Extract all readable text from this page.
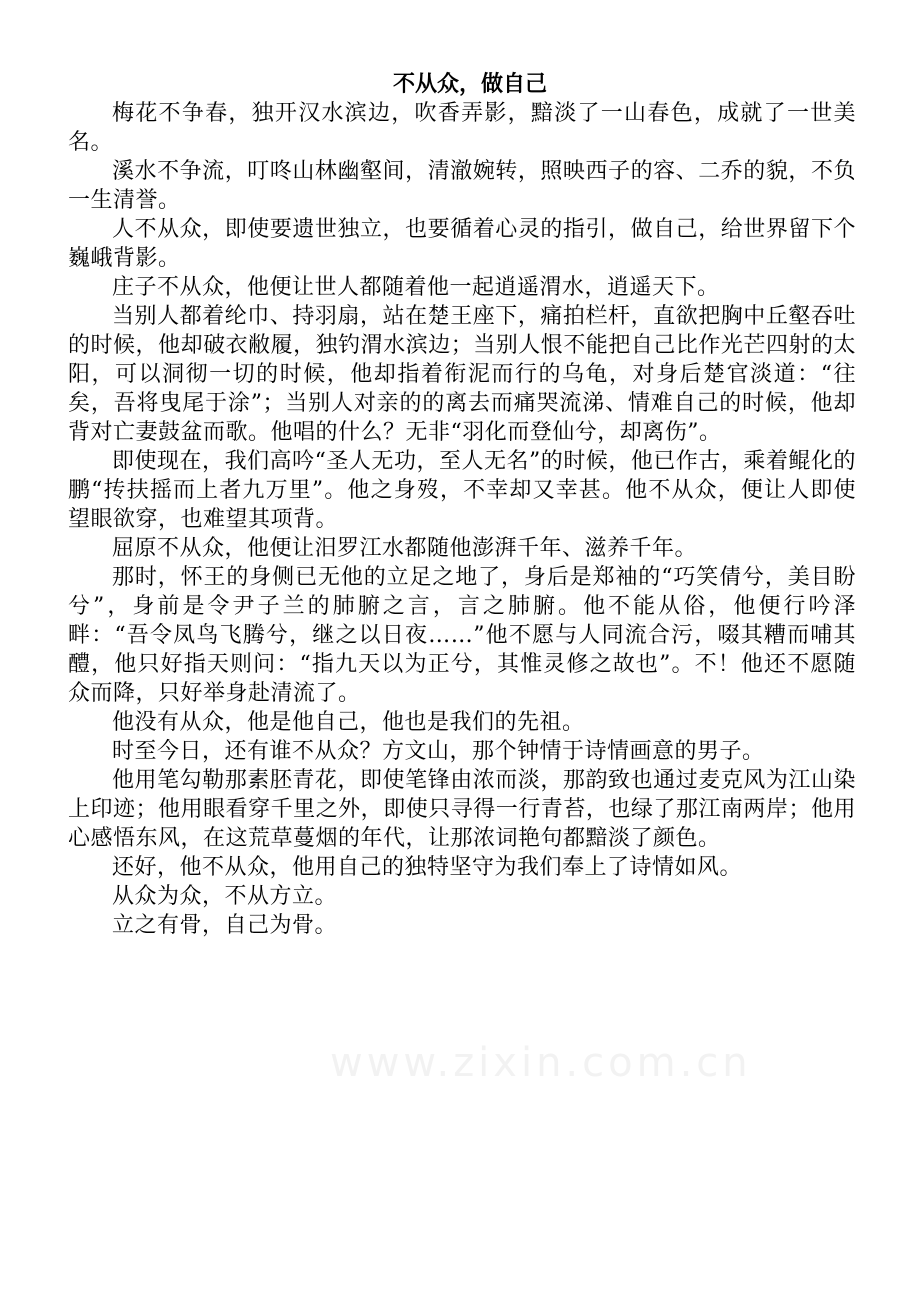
不从众，做自己

梅花不争春，独开汉水滨边，吹香弄影，黯淡了一山春色，成就了一世美名。

溪水不争流，叮咚山林幽壑间，清澈婉转，照映西子的容、二乔的貌，不负一生清誉。

人不从众，即使要遗世独立，也要循着心灵的指引，做自己，给世界留下个巍峨背影。

庄子不从众，他便让世人都随着他一起逍遥渭水，逍遥天下。

当别人都着纶巾、持羽扇，站在楚王座下，痛拍栏杆，直欲把胸中丘壑吞吐的时候，他却破衣敝履，独钓渭水滨边；当别人恨不能把自己比作光芒四射的太阳，可以洞彻一切的时候，他却指着衔泥而行的乌龟，对身后楚官淡道：“往矣，吾将曳尾于涂”；当别人对亲的的离去而痛哭流涕、情难自己的时候，他却背对亡妻鼓盆而歌。他唱的什么？无非“羽化而登仙兮，却离伤”。

即使现在，我们高吟“圣人无功，至人无名”的时候，他已作古，乘着鲲化的鹏“抟扶摇而上者九万里”。他之身歿，不幸却又幸甚。他不从众，便让人即使望眼欲穿，也难望其项背。

屈原不从众，他便让汨罗江水都随他澎湃千年、滋养千年。

那时，怀王的身侧已无他的立足之地了，身后是郑袖的“巧笑倩兮，美目盼兮”，身前是令尹子兰的肺腑之言，言之肺腑。他不能从俗，他便行吟泽畔：“吾令凤鸟飞腾兮，继之以日夜……”他不愿与人同流合污，啜其糟而哺其醴，他只好指天则问：“指九天以为正兮，其惟灵修之故也”。不！他还不愿随众而降，只好举身赴清流了。

他没有从众，他是他自己，他也是我们的先祖。

时至今日，还有谁不从众？方文山，那个钟情于诗情画意的男子。

他用笔勾勒那素胚青花，即使笔锋由浓而淡，那韵致也通过麦克风为江山染上印迹；他用眼看穿千里之外，即使只寻得一行青苔，也绿了那江南两岸；他用心感悟东风，在这荒草蔓烟的年代，让那浓词艳句都黯淡了颜色。

还好，他不从众，他用自己的独特坚守为我们奉上了诗情如风。

从众为众，不从方立。

立之有骨，自己为骨。

www.zixin.com.cn
